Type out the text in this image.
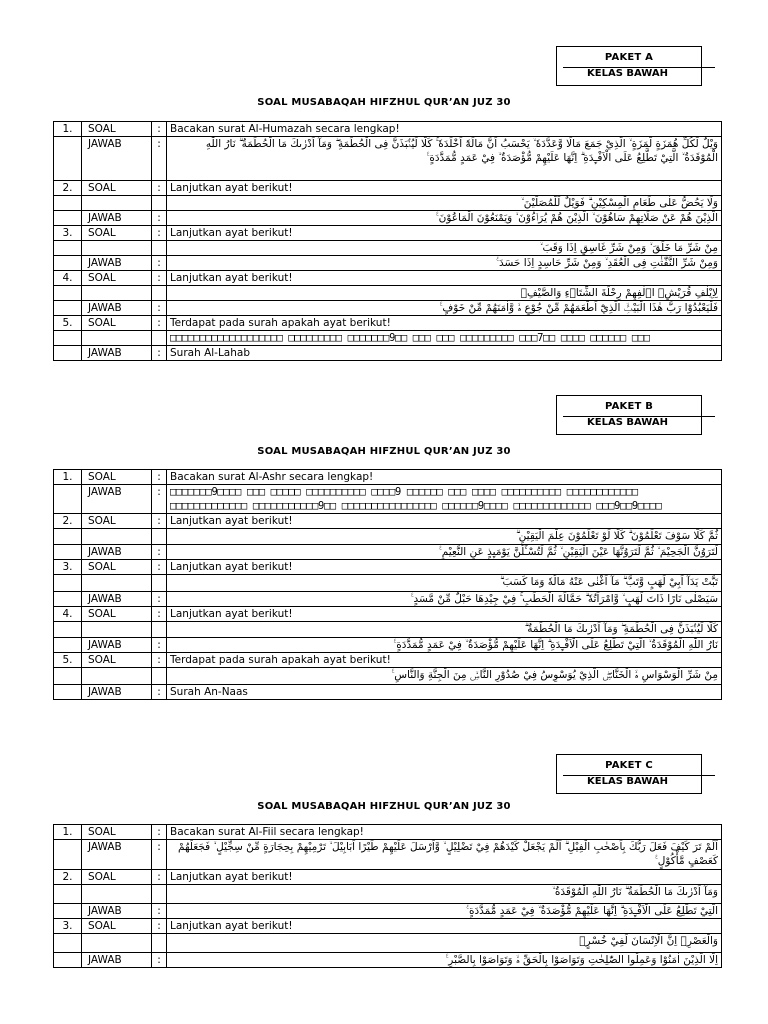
PAKET A
KELAS BAWAH
SOAL MUSABAQAH HIFZHUL QUR’AN JUZ 30
1.	SOAL	:	Bacakan surat Al-Humazah secara lengkap!
	JAWAB	:	وَيْلٌ لِّكُلِّ هُمَزَةٍ لُّمَزَةٍ ۙ الَّذِيْ جَمَعَ مَالًا وَّعَدَّدَهٗ ۙ يَحْسَبُ اَنَّ مَالَهٗٓ اَخْلَدَهٗ ۚ كَلَّا لَيُنْۢبَذَنَّ فِى الْحُطَمَةِ ۖ وَمَآ اَدْرٰىكَ مَا الْحُطَمَةُ ۗ نَارُ اللّٰهِ الْمُوْقَدَةُ ۙ الَّتِيْ تَطَّلِعُ عَلَى الْاَفْـِٕدَةِ ۗ اِنَّهَا عَلَيْهِمْ مُّؤْصَدَةٌ ۙ فِيْ عَمَدٍ مُّمَدَّدَةٍ ࣖ
2.	SOAL	:	Lanjutkan ayat berikut!
			وَلَا يَحُضُّ عَلٰى طَعَامِ الْمِسْكِيْنِ ۗ فَوَيْلٌ لِّلْمُصَلِّيْنَ ۙ
	JAWAB	:	الَّذِيْنَ هُمْ عَنْ صَلَاتِهِمْ سَاهُوْنَ ۙ الَّذِيْنَ هُمْ يُرَاۤءُوْنَ ۙ وَيَمْنَعُوْنَ الْمَاعُوْنَ ࣖ
3.	SOAL	:	Lanjutkan ayat berikut!
			مِنْ شَرِّ مَا خَلَقَ ۙ وَمِنْ شَرِّ غَاسِقٍ اِذَا وَقَبَ ۙ
	JAWAB	:	وَمِنْ شَرِّ النَّفّٰثٰتِ فِى الْعُقَدِ ۙ وَمِنْ شَرِّ حَاسِدٍ اِذَا حَسَدَ ࣖ
4.	SOAL	:	Lanjutkan ayat berikut!
			لِاِيْلٰفِ قُرَيْشٍۙ اٖلٰفِهِمْ رِحْلَةَ الشِّتَاۤءِ وَالصَّيْفِۚ
	JAWAB	:	فَلْيَعْبُدُوْا رَبَّ هٰذَا الْبَيْتِۙ الَّذِيْٓ اَطْعَمَهُمْ مِّنْ جُوْعٍ ەۙ وَّاٰمَنَهُمْ مِّنْ خَوْفٍ ࣖ
5.	SOAL	:	Terdapat pada surah apakah ayat berikut!
			□□□□□□□□□□□□□□□□□□□ □□□□□□□□□ □□□□□□□9□□ □□□ □□□ □□□□□□□□□ □□□7□□ □□□□ □□□□□□ □□□
	JAWAB	:	Surah Al-Lahab
PAKET B
KELAS BAWAH
SOAL MUSABAQAH HIFZHUL QUR’AN JUZ 30
1.	SOAL	:	Bacakan surat Al-Ashr secara lengkap!
	JAWAB	:	□□□□□□□9□□□□ □□□ □□□□□ □□□□□□□□□□ □□□□9 □□□□□□ □□□ □□□□ □□□□□□□□□□ □□□□□□□□□□□□ □□□□□□□□□□□□□ □□□□□□□□□□□9□□ □□□□□□□□□□□□□□□□ □□□□□□9□□□□ □□□□□□□□□□□□□ □□□9□□9□□□□
2.	SOAL	:	Lanjutkan ayat berikut!
			ثُمَّ كَلَّا سَوْفَ تَعْلَمُوْنَ ۗ كَلَّا لَوْ تَعْلَمُوْنَ عِلْمَ الْيَقِيْنِ ۗ
	JAWAB	:	لَتَرَوُنَّ الْجَحِيْمَ ۙ ثُمَّ لَتَرَوُنَّهَا عَيْنَ الْيَقِيْنِ ۙ ثُمَّ لَتُسْـَٔلُنَّ يَوْمَىِٕذٍ عَنِ النَّعِيْمِ ࣖ
3.	SOAL	:	Lanjutkan ayat berikut!
			تَبَّتْ يَدَآ اَبِيْ لَهَبٍ وَّتَبَّ ۗ مَآ اَغْنٰى عَنْهُ مَالُهٗ وَمَا كَسَبَ ۗ
	JAWAB	:	سَيَصْلٰى نَارًا ذَاتَ لَهَبٍ ۙ وَّامْرَاَتُهٗ ۗ حَمَّالَةَ الْحَطَبِ ۚ فِيْ جِيْدِهَا حَبْلٌ مِّنْ مَّسَدٍ ࣖ
4.	SOAL	:	Lanjutkan ayat berikut!
			كَلَّا لَيُنْۢبَذَنَّ فِى الْحُطَمَةِ ۖ وَمَآ اَدْرٰىكَ مَا الْحُطَمَةُ ۗ
	JAWAB	:	نَارُ اللّٰهِ الْمُوْقَدَةُ ۙ الَّتِيْ تَطَّلِعُ عَلَى الْاَفْـِٕدَةِ ۗ اِنَّهَا عَلَيْهِمْ مُّؤْصَدَةٌ ۙ فِيْ عَمَدٍ مُّمَدَّدَةٍ ࣖ
5.	SOAL	:	Terdapat pada surah apakah ayat berikut!
			مِنْ شَرِّ الْوَسْوَاسِ ەۙ الْخَنَّاسِۖ الَّذِيْ يُوَسْوِسُ فِيْ صُدُوْرِ النَّاسِۙ مِنَ الْجِنَّةِ وَالنَّاسِ ࣖ
	JAWAB	:	Surah An-Naas
PAKET C
KELAS BAWAH
SOAL MUSABAQAH HIFZHUL QUR’AN JUZ 30
1.	SOAL	:	Bacakan surat Al-Fiil secara lengkap!
	JAWAB	:	اَلَمْ تَرَ كَيْفَ فَعَلَ رَبُّكَ بِاَصْحٰبِ الْفِيْلِ ۗ اَلَمْ يَجْعَلْ كَيْدَهُمْ فِيْ تَضْلِيْلٍ ۙ وَّاَرْسَلَ عَلَيْهِمْ طَيْرًا اَبَابِيْلَ ۙ تَرْمِيْهِمْ بِحِجَارَةٍ مِّنْ سِجِّيْلٍ ۙ فَجَعَلَهُمْ كَعَصْفٍ مَّأْكُوْلٍ ࣖ
2.	SOAL	:	Lanjutkan ayat berikut!
			وَمَآ اَدْرٰىكَ مَا الْحُطَمَةُ ۗ نَارُ اللّٰهِ الْمُوْقَدَةُ ۙ
	JAWAB	:	الَّتِيْ تَطَّلِعُ عَلَى الْاَفْـِٕدَةِ ۗ اِنَّهَا عَلَيْهِمْ مُّؤْصَدَةٌ ۙ فِيْ عَمَدٍ مُّمَدَّدَةٍ ࣖ
3.	SOAL	:	Lanjutkan ayat berikut!
			وَالْعَصْرِۙ اِنَّ الْاِنْسَانَ لَفِيْ خُسْرٍۙ
	JAWAB	:	اِلَّا الَّذِيْنَ اٰمَنُوْا وَعَمِلُوا الصّٰلِحٰتِ وَتَوَاصَوْا بِالْحَقِّ ەۙ وَتَوَاصَوْا بِالصَّبْرِ ࣖ
